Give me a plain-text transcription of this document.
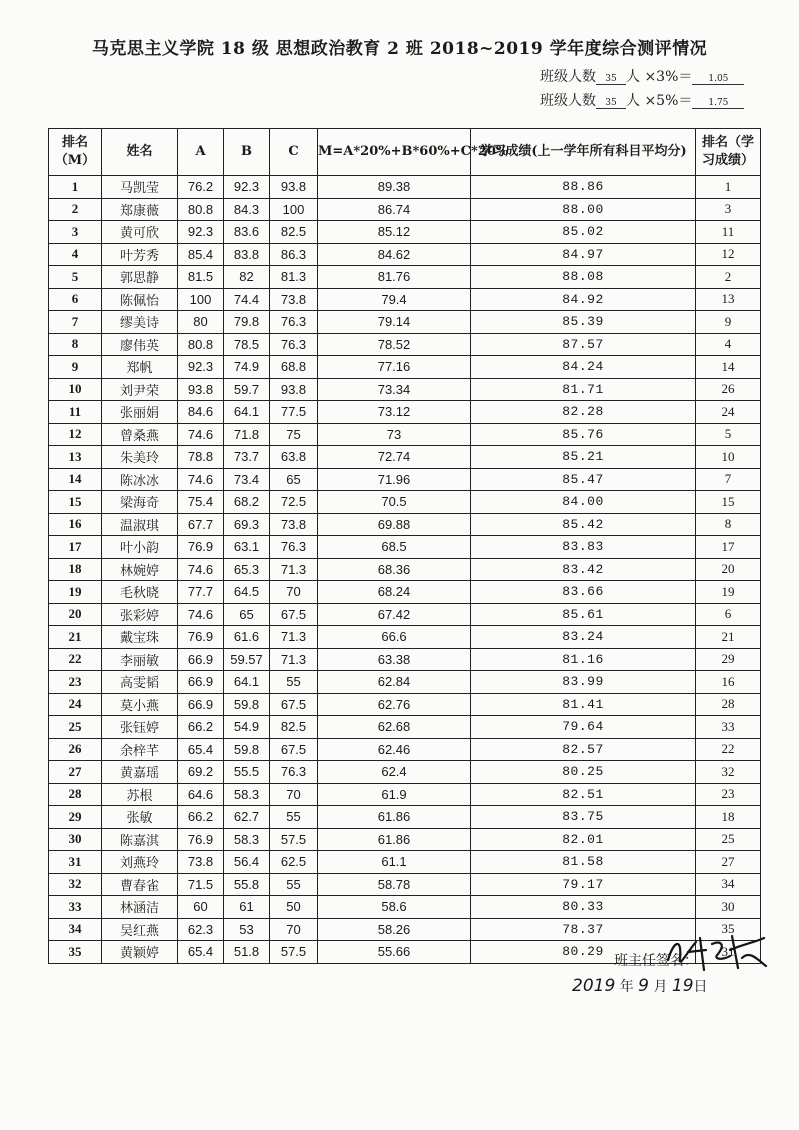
马克思主义学院 18 级 思想政治教育 2 班 2018~2019 学年度综合测评情况
班级人数 35 人 ×3%＝ 1.05
班级人数 35 人 ×5%＝ 1.75
排名（M）	姓名	A	B	C	M=A*20%+B*60%+C*20%	学习成绩(上一学年所有科目平均分)	排名（学习成绩）
1	马凯莹	76.2	92.3	93.8	89.38	88.86	1
2	郑康薇	80.8	84.3	100	86.74	88.00	3
3	黄可欣	92.3	83.6	82.5	85.12	85.02	11
4	叶芳秀	85.4	83.8	86.3	84.62	84.97	12
5	郭思静	81.5	82	81.3	81.76	88.08	2
6	陈佩怡	100	74.4	73.8	79.4	84.92	13
7	缪美诗	80	79.8	76.3	79.14	85.39	9
8	廖伟英	80.8	78.5	76.3	78.52	87.57	4
9	郑帆	92.3	74.9	68.8	77.16	84.24	14
10	刘尹荣	93.8	59.7	93.8	73.34	81.71	26
11	张丽娟	84.6	64.1	77.5	73.12	82.28	24
12	曾桑燕	74.6	71.8	75	73	85.76	5
13	朱美玲	78.8	73.7	63.8	72.74	85.21	10
14	陈冰冰	74.6	73.4	65	71.96	85.47	7
15	梁海奇	75.4	68.2	72.5	70.5	84.00	15
16	温淑琪	67.7	69.3	73.8	69.88	85.42	8
17	叶小韵	76.9	63.1	76.3	68.5	83.83	17
18	林婉婷	74.6	65.3	71.3	68.36	83.42	20
19	毛秋晓	77.7	64.5	70	68.24	83.66	19
20	张彩婷	74.6	65	67.5	67.42	85.61	6
21	戴宝珠	76.9	61.6	71.3	66.6	83.24	21
22	李丽敏	66.9	59.57	71.3	63.38	81.16	29
23	高雯韬	66.9	64.1	55	62.84	83.99	16
24	莫小燕	66.9	59.8	67.5	62.76	81.41	28
25	张钰婷	66.2	54.9	82.5	62.68	79.64	33
26	余梓芊	65.4	59.8	67.5	62.46	82.57	22
27	黄嘉瑶	69.2	55.5	76.3	62.4	80.25	32
28	苏根	64.6	58.3	70	61.9	82.51	23
29	张敏	66.2	62.7	55	61.86	83.75	18
30	陈嘉淇	76.9	58.3	57.5	61.86	82.01	25
31	刘燕玲	73.8	56.4	62.5	61.1	81.58	27
32	曹春雀	71.5	55.8	55	58.78	79.17	34
33	林涵洁	60	61	50	58.6	80.33	30
34	吴红燕	62.3	53	70	58.26	78.37	35
35	黄颖婷	65.4	51.8	57.5	55.66	80.29	31
班主任签名：
2019 年 9 月 19日
